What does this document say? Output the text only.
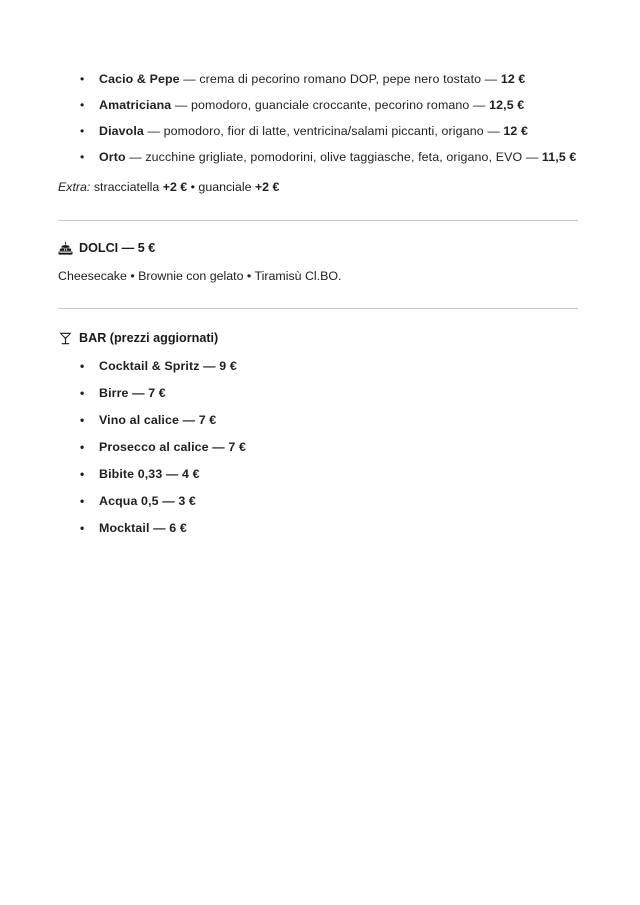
• Cacio & Pepe — crema di pecorino romano DOP, pepe nero tostato — 12 €
• Amatriciana — pomodoro, guanciale croccante, pecorino romano — 12,5 €
• Diavola — pomodoro, fior di latte, ventricina/salami piccanti, origano — 12 €
• Orto — zucchine grigliate, pomodorini, olive taggiasche, feta, origano, EVO — 11,5 €

Extra: stracciatella +2 € • guanciale +2 €

DOLCI — 5 €
Cheesecake • Brownie con gelato • Tiramisù Cl.BO.
BAR (prezzi aggiornati)
• Cocktail & Spritz — 9 €
• Birre — 7 €
• Vino al calice — 7 €
• Prosecco al calice — 7 €
• Bibite 0,33 — 4 €
• Acqua 0,5 — 3 €
• Mocktail — 6 €
